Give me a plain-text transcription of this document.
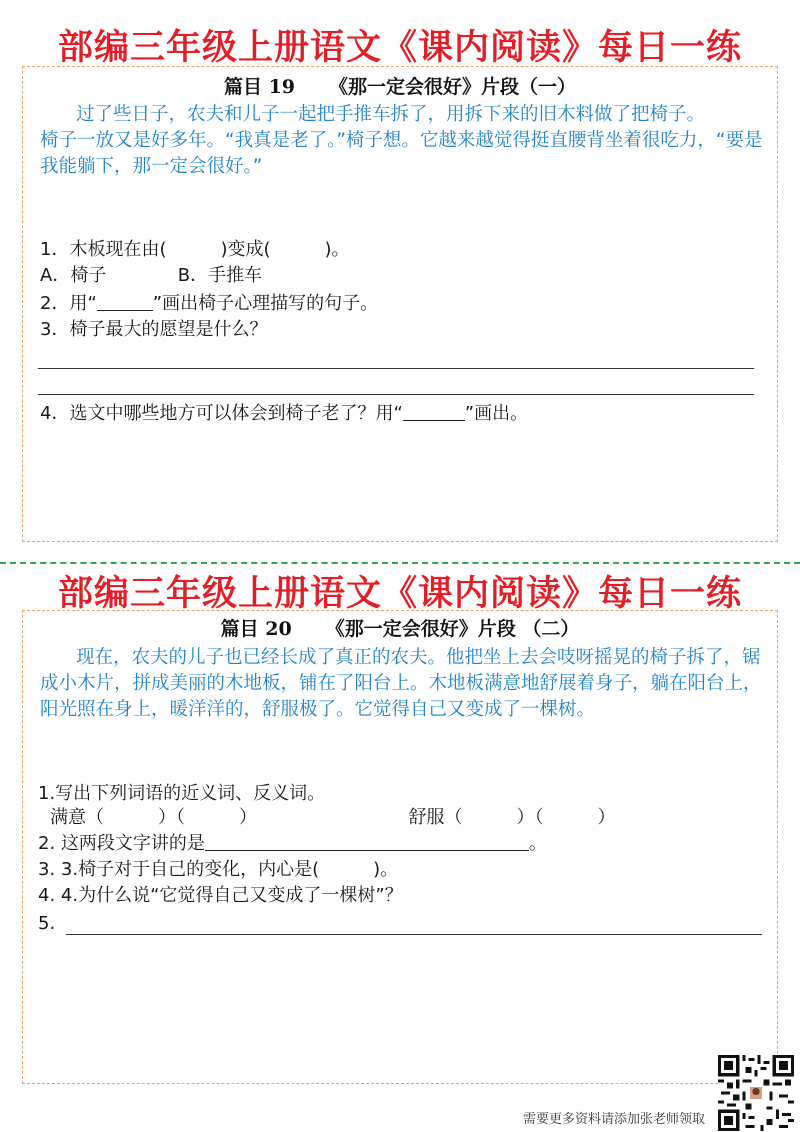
部编三年级上册语文《课内阅读》每日一练
篇目 19 《那一定会很好》片段（一）

过了些日子，农夫和儿子一起把手推车拆了，用拆下来的旧木料做了把椅子。

椅子一放又是好多年。“我真是老了。”椅子想。它越来越觉得挺直腰背坐着很吃力，“要是我能躺下，那一定会很好。”

1．木板现在由(　　　)变成(　　　)。
A．椅子	B．手推车
2．用“	”画出椅子心理描写的句子。
3．椅子最大的愿望是什么？
4．选文中哪些地方可以体会到椅子老了？用“	”画出。
部编三年级上册语文《课内阅读》每日一练
篇目 20 《那一定会很好》片段 （二）

现在，农夫的儿子也已经长成了真正的农夫。他把坐上去会吱呀摇晃的椅子拆了，锯成小木片，拼成美丽的木地板，铺在了阳台上。木地板满意地舒展着身子，躺在阳台上，阳光照在身上，暖洋洋的，舒服极了。它觉得自己又变成了一棵树。

1.写出下列词语的近义词、反义词。
满意（　　　）（　　　）	舒服（　　　）（　　　）
2. 这两段文字讲的是	。
3. 3.椅子对于自己的变化，内心是(　　　)。
4. 4.为什么说“它觉得自己又变成了一棵树”？
5.
需要更多资料请添加张老师领取
